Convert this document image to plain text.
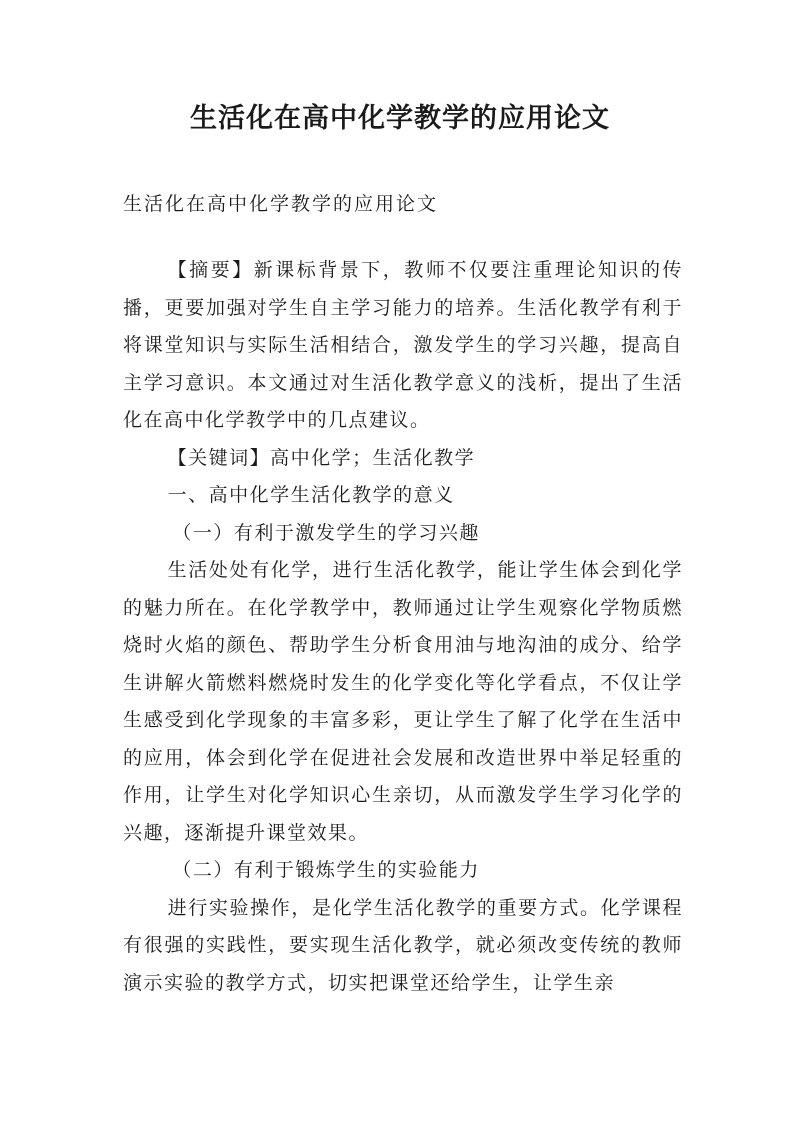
生活化在高中化学教学的应用论文

生活化在高中化学教学的应用论文

【摘要】新课标背景下，教师不仅要注重理论知识的传播，更要加强对学生自主学习能力的培养。生活化教学有利于将课堂知识与实际生活相结合，激发学生的学习兴趣，提高自主学习意识。本文通过对生活化教学意义的浅析，提出了生活化在高中化学教学中的几点建议。

【关键词】高中化学；生活化教学

一、高中化学生活化教学的意义

（一）有利于激发学生的学习兴趣

生活处处有化学，进行生活化教学，能让学生体会到化学的魅力所在。在化学教学中，教师通过让学生观察化学物质燃烧时火焰的颜色、帮助学生分析食用油与地沟油的成分、给学生讲解火箭燃料燃烧时发生的化学变化等化学看点，不仅让学生感受到化学现象的丰富多彩，更让学生了解了化学在生活中的应用，体会到化学在促进社会发展和改造世界中举足轻重的作用，让学生对化学知识心生亲切，从而激发学生学习化学的兴趣，逐渐提升课堂效果。

（二）有利于锻炼学生的实验能力

进行实验操作，是化学生活化教学的重要方式。化学课程有很强的实践性，要实现生活化教学，就必须改变传统的教师演示实验的教学方式，切实把课堂还给学生，让学生亲
